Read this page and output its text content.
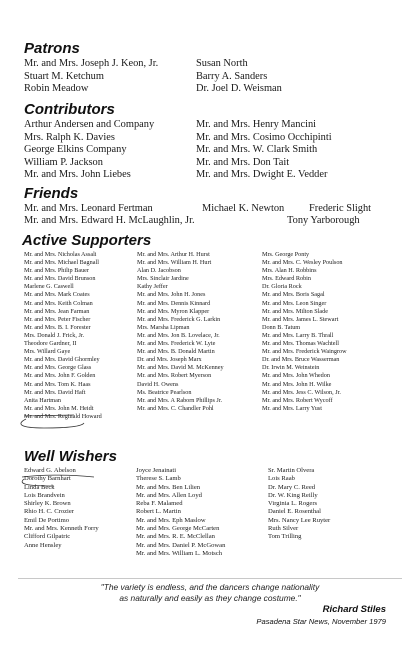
Patrons
Mr. and Mrs. Joseph J. Keon, Jr.
Stuart M. Ketchum
Robin Meadow
Susan North
Barry A. Sanders
Dr. Joel D. Weisman
Contributors
Arthur Andersen and Company
Mrs. Ralph K. Davies
George Elkins Company
William P. Jackson
Mr. and Mrs. John Liebes
Mr. and Mrs. Henry Mancini
Mr. and Mrs. Cosimo Occhipinti
Mr. and Mrs. W. Clark Smith
Mr. and Mrs. Don Tait
Mr. and Mrs. Dwight E. Vedder
Friends
Mr. and Mrs. Leonard Fertman	Michael K. Newton Frederic Slight
Mr. and Mrs. Edward H. McLaughlin, Jr.	Tony Yarborough
Active Supporters
Mr. and Mrs. Nicholas Assali
Mr. and Mrs. Michael Bagnall
Mr. and Mrs. Philip Bauer
Mr. and Mrs. David Brunson
Marlene G. Caswell
Mr. and Mrs. Mark Coates
Mr. and Mrs. Keith Colman
Mr. and Mrs. Jean Farman
Mr. and Mrs. Peter Fischer
Mr. and Mrs. B. I. Forester
Mrs. Donald J. Frick, Jr.
Theodore Gardner, II
Mrs. Willard Gaye
Mr. and Mrs. David Ghormley
Mr. and Mrs. George Glass
Mr. and Mrs. John F. Golden
Mr. and Mrs. Tom K. Haas
Mr. and Mrs. David Haft
Anita Hartman
Mr. and Mrs. John M. Heidt
Mr. and Mrs. Reginald Howard
Mr. and Mrs. Arthur H. Hurst
Mr. and Mrs. William H. Hurt
Alan D. Jacobson
Mrs. Sinclair Jardine
Kathy Jeffer
Mr. and Mrs. John H. Jones
Mr. and Mrs. Dennis Kinnard
Mr. and Mrs. Myron Klapper
Mr. and Mrs. Frederick G. Larkin
Mrs. Marsha Lipman
Mr. and Mrs. Jon B. Lovelace, Jr.
Mr. and Mrs. Frederick W. Lyte
Mr. and Mrs. B. Donald Martin
Dr. and Mrs. Joseph Marx
Mr. and Mrs. David M. McKenney
Mr. and Mrs. Robert Myerson
David H. Owens
Ms. Beatrice Pearlson
Mr. and Mrs. A Raborn Phillips Jr.
Mr. and Mrs. C. Chandler Pohl
Mrs. George Ponty
Mr. and Mrs. C. Wesley Poulson
Mrs. Alan H. Robbins
Mrs. Edward Robin
Dr. Gloria Rock
Mr. and Mrs. Boris Sagal
Mr. and Mrs. Leon Singer
Mr. and Mrs. Milton Slade
Mr. and Mrs. James L. Stewart
Donn B. Tatum
Mr. and Mrs. Larry B. Thrall
Mr. and Mrs. Thomas Wachtell
Mr. and Mrs. Frederick Waingrow
Dr. and Mrs. Bruce Wasserman
Dr. Irwin M. Weinstein
Mr. and Mrs. John Whedon
Mr. and Mrs. John H. Wilke
Mr. and Mrs. Jess C. Wilson, Jr.
Mr. and Mrs. Robert Wycoff
Mr. and Mrs. Larry Yust
Well Wishers
Edward G. Abelson
Dorothy Barnhart
Linda Beck
Lois Brandvein
Shirley K. Brown
Rhio H. C. Crozier
Emil De Portimo
Mr. and Mrs. Kenneth Forry
Clifford Gilpatric
Anne Hensley
Joyce Jenainati
Therese S. Lamb
Mr. and Mrs. Ben Lilien
Mr. and Mrs. Allen Loyd
Reba F. Malamed
Robert L. Martin
Mr. and Mrs. Eph Maslow
Mr. and Mrs. George McCarten
Mr. and Mrs. R. E. McClellan
Mr. and Mrs. Daniel P. McGowan
Mr. and Mrs. William L. Motsch
Sr. Martin Olvera
Lois Raab
Dr. Mary C. Reed
Dr. W. King Reilly
Virginia L. Rogers
Daniel E. Rosenthal
Mrs. Nancy Lee Ruyter
Ruth Silver
Tom Trilling
"The variety is endless, and the dancers change nationality
as naturally and easily as they change costume."
Richard Stiles
Pasadena Star News, November 1979
